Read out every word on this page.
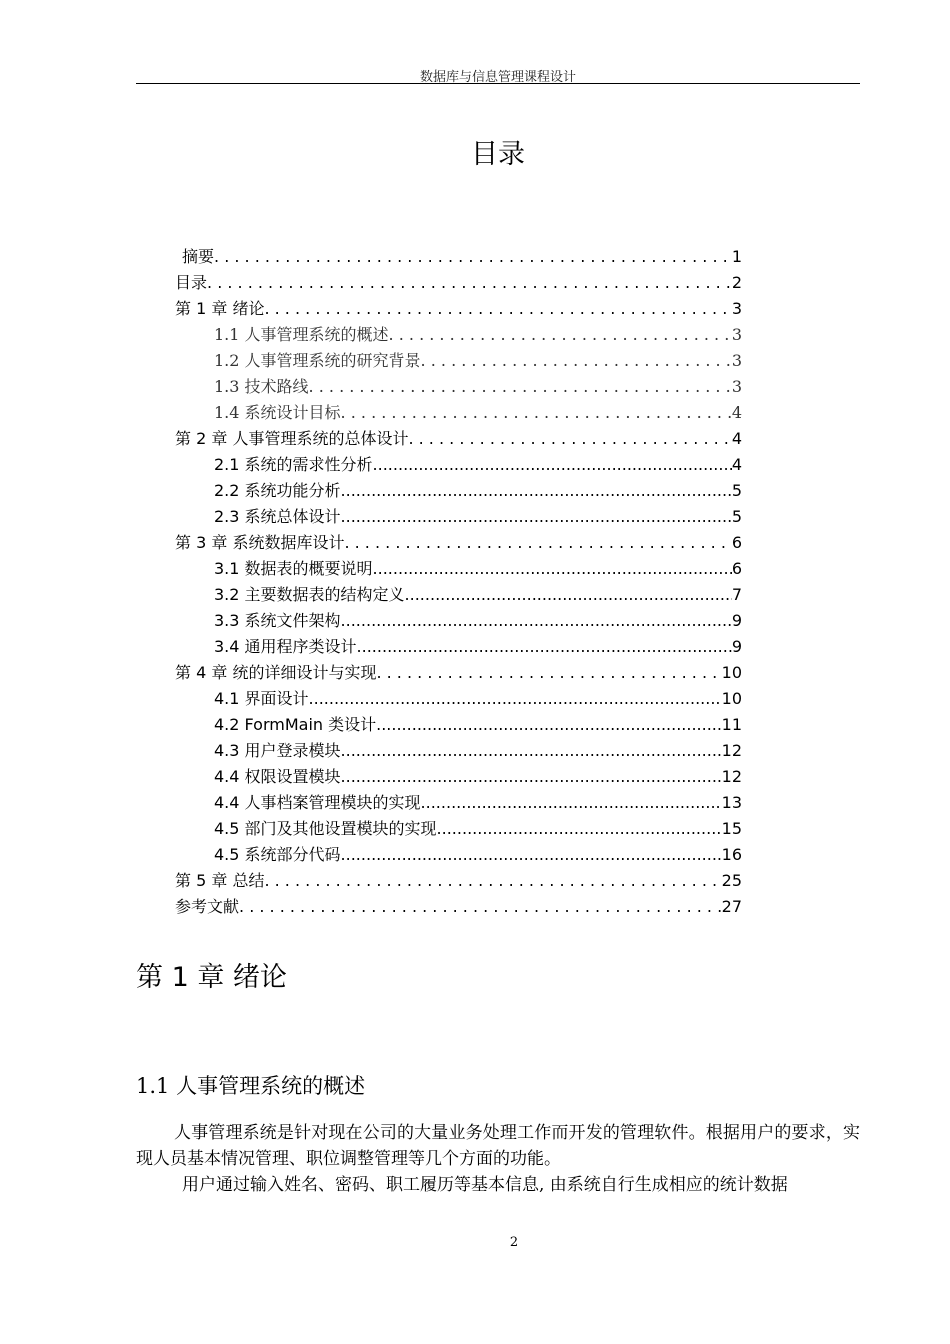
数据库与信息管理课程设计
目录
摘要 . . .	1
目录 . . .	2
第 1 章 绪论 . . .	3
1.1 人事管理系统的概述 . . .	3
1.2 人事管理系统的研究背景 . . .	3
1.3 技术路线 . . .	3
1.4 系统设计目标 . . .	4
第 2 章 人事管理系统的总体设计 . . .	4
2.1 系统的需求性分析 .....	4
2.2 系统功能分析 .....	5
2.3 系统总体设计 .....	5
第 3 章 系统数据库设计 . . .	6
3.1 数据表的概要说明 .....	6
3.2 主要数据表的结构定义 .....	7
3.3 系统文件架构 .....	9
3.4 通用程序类设计 .....	9
第 4 章 统的详细设计与实现 . . .	10
4.1 界面设计 .....	10
4.2 FormMain 类设计 .....	11
4.3 用户登录模块 .....	12
4.4 权限设置模块 .....	12
4.4 人事档案管理模块的实现 .....	13
4.5 部门及其他设置模块的实现 .....	15
4.5 系统部分代码 .....	16
第 5 章 总结 . . .	25
参考文献 . . .	27
第 1 章 绪论
1.1 人事管理系统的概述
人事管理系统是针对现在公司的大量业务处理工作而开发的管理软件。根据用户的要求，实现人员基本情况管理、职位调整管理等几个方面的功能。
用户通过输入姓名、密码、职工履历等基本信息, 由系统自行生成相应的统计数据
2
